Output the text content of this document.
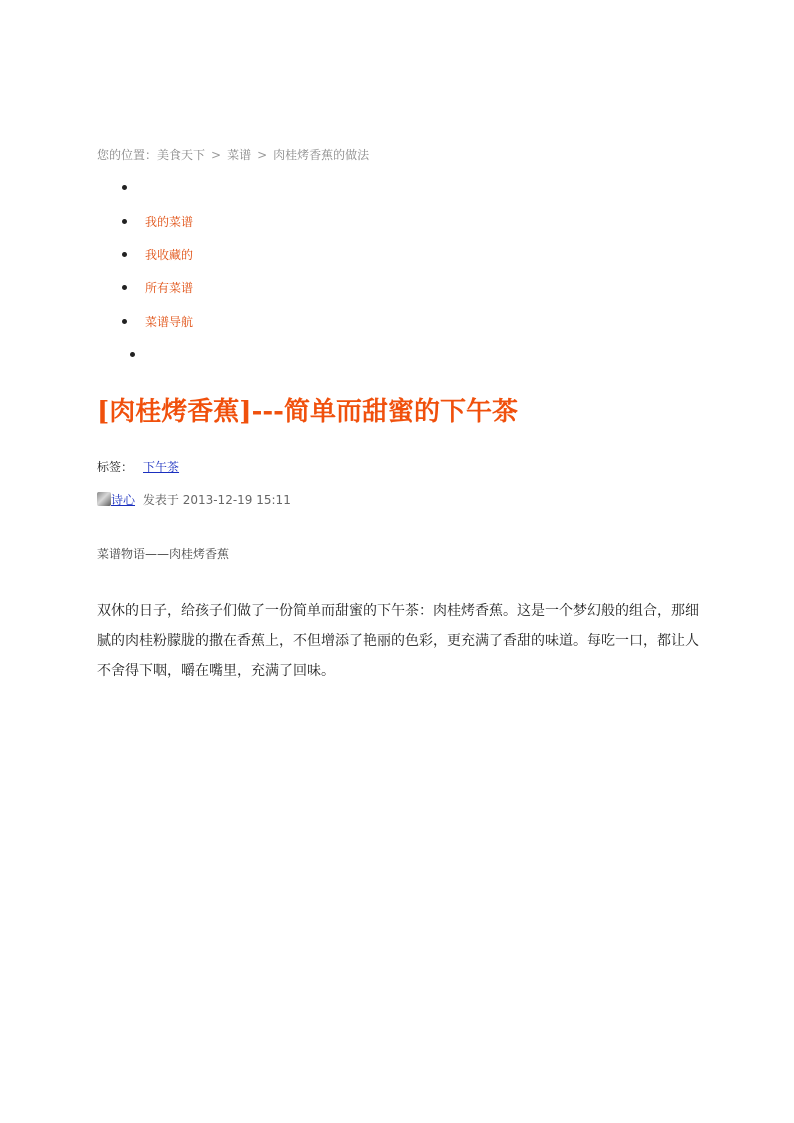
您的位置：美食天下 > 菜谱 > 肉桂烤香蕉的做法
我的菜谱
我收藏的
所有菜谱
菜谱导航
[肉桂烤香蕉]---简单而甜蜜的下午茶
标签： 下午茶
诗心 发表于 2013-12-19 15:11
菜谱物语——肉桂烤香蕉

双休的日子，给孩子们做了一份简单而甜蜜的下午茶：肉桂烤香蕉。这是一个梦幻般的组合，那细腻的肉桂粉朦胧的撒在香蕉上，不但增添了艳丽的色彩，更充满了香甜的味道。每吃一口，都让人不舍得下咽，嚼在嘴里，充满了回味。
